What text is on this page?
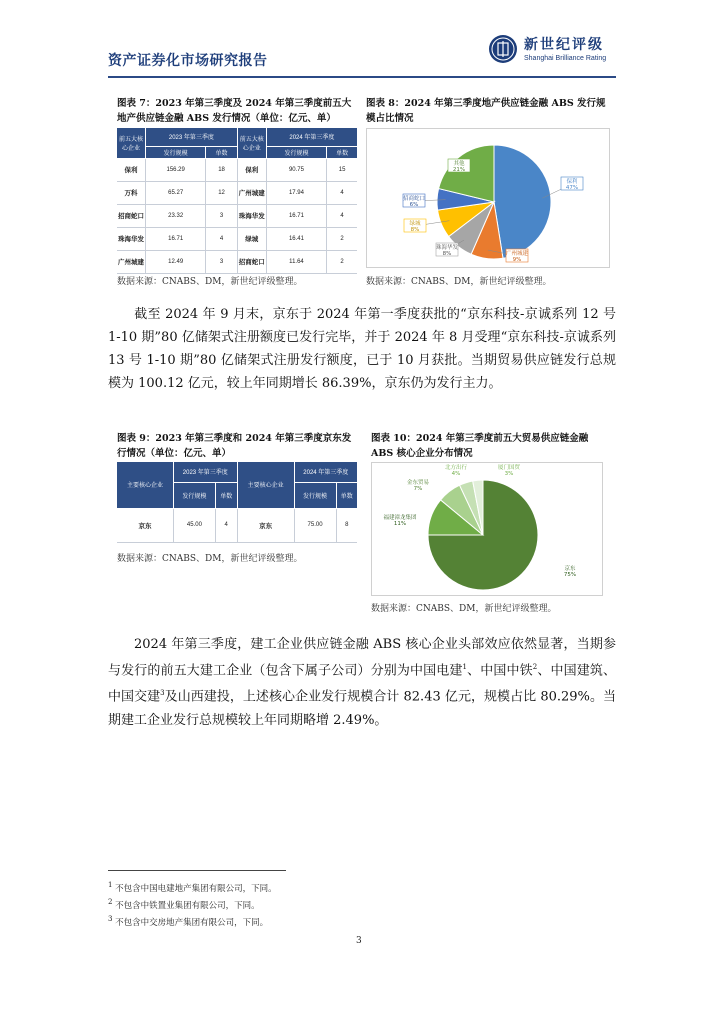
资产证券化市场研究报告
新世纪评级
Shanghai Brilliance Rating
图表 7：2023 年第三季度及 2024 年第三季度前五大地产供应链金融 ABS 发行情况（单位：亿元、单）
前五大核心企业	2023 年第三季度		前五大核心企业	2024 年第三季度	
	发行规模	单数		发行规模	单数
保利	156.29	18	保利	90.75	15
万科	65.27	12	广州城建	17.94	4
招商蛇口	23.32	3	珠海华发	16.71	4
珠海华发	16.71	4	绿城	16.41	2
广州城建	12.49	3	招商蛇口	11.64	2
数据来源：CNABS、DM，新世纪评级整理。
图表 8：2024 年第三季度地产供应链金融 ABS 发行规模占比情况
保利
47%
广州城建
9%
珠海华发
8%
绿城
8%
招商蛇口
6%
其他
21%
数据来源：CNABS、DM，新世纪评级整理。
截至 2024 年 9 月末，京东于 2024 年第一季度获批的“京东科技-京诚系列 12 号 1-10 期”80 亿储架式注册额度已发行完毕，并于 2024 年 8 月受理“京东科技-京诚系列 13 号 1-10 期”80 亿储架式注册发行额度，已于 10 月获批。当期贸易供应链发行总规模为 100.12 亿元，较上年同期增长 86.39%，京东仍为发行主力。
图表 9：2023 年第三季度和 2024 年第三季度京东发行情况（单位：亿元、单）
主要核心企业	2023 年第三季度		主要核心企业	2024 年第三季度	
	发行规模	单数		发行规模	单数
京东	45.00	4	京东	75.00	8
数据来源：CNABS、DM，新世纪评级整理。
图表 10：2024 年第三季度前五大贸易供应链金融 ABS 核心企业分布情况
京东
75%
福建漳龙集团
11%
金东贸易
7%
北方出行
4%
厦门国贸
3%
数据来源：CNABS、DM，新世纪评级整理。
2024 年第三季度，建工企业供应链金融 ABS 核心企业头部效应依然显著，当期参与发行的前五大建工企业（包含下属子公司）分别为中国电建$^1$、中国中铁$^2$、中国建筑、中国交建$^3$及山西建投，上述核心企业发行规模合计 82.43 亿元，规模占比 80.29%。当期建工企业发行总规模较上年同期略增 2.49%。
$^1$ 不包含中国电建地产集团有限公司，下同。
$^2$ 不包含中铁置业集团有限公司，下同。
$^3$ 不包含中交房地产集团有限公司，下同。
3
